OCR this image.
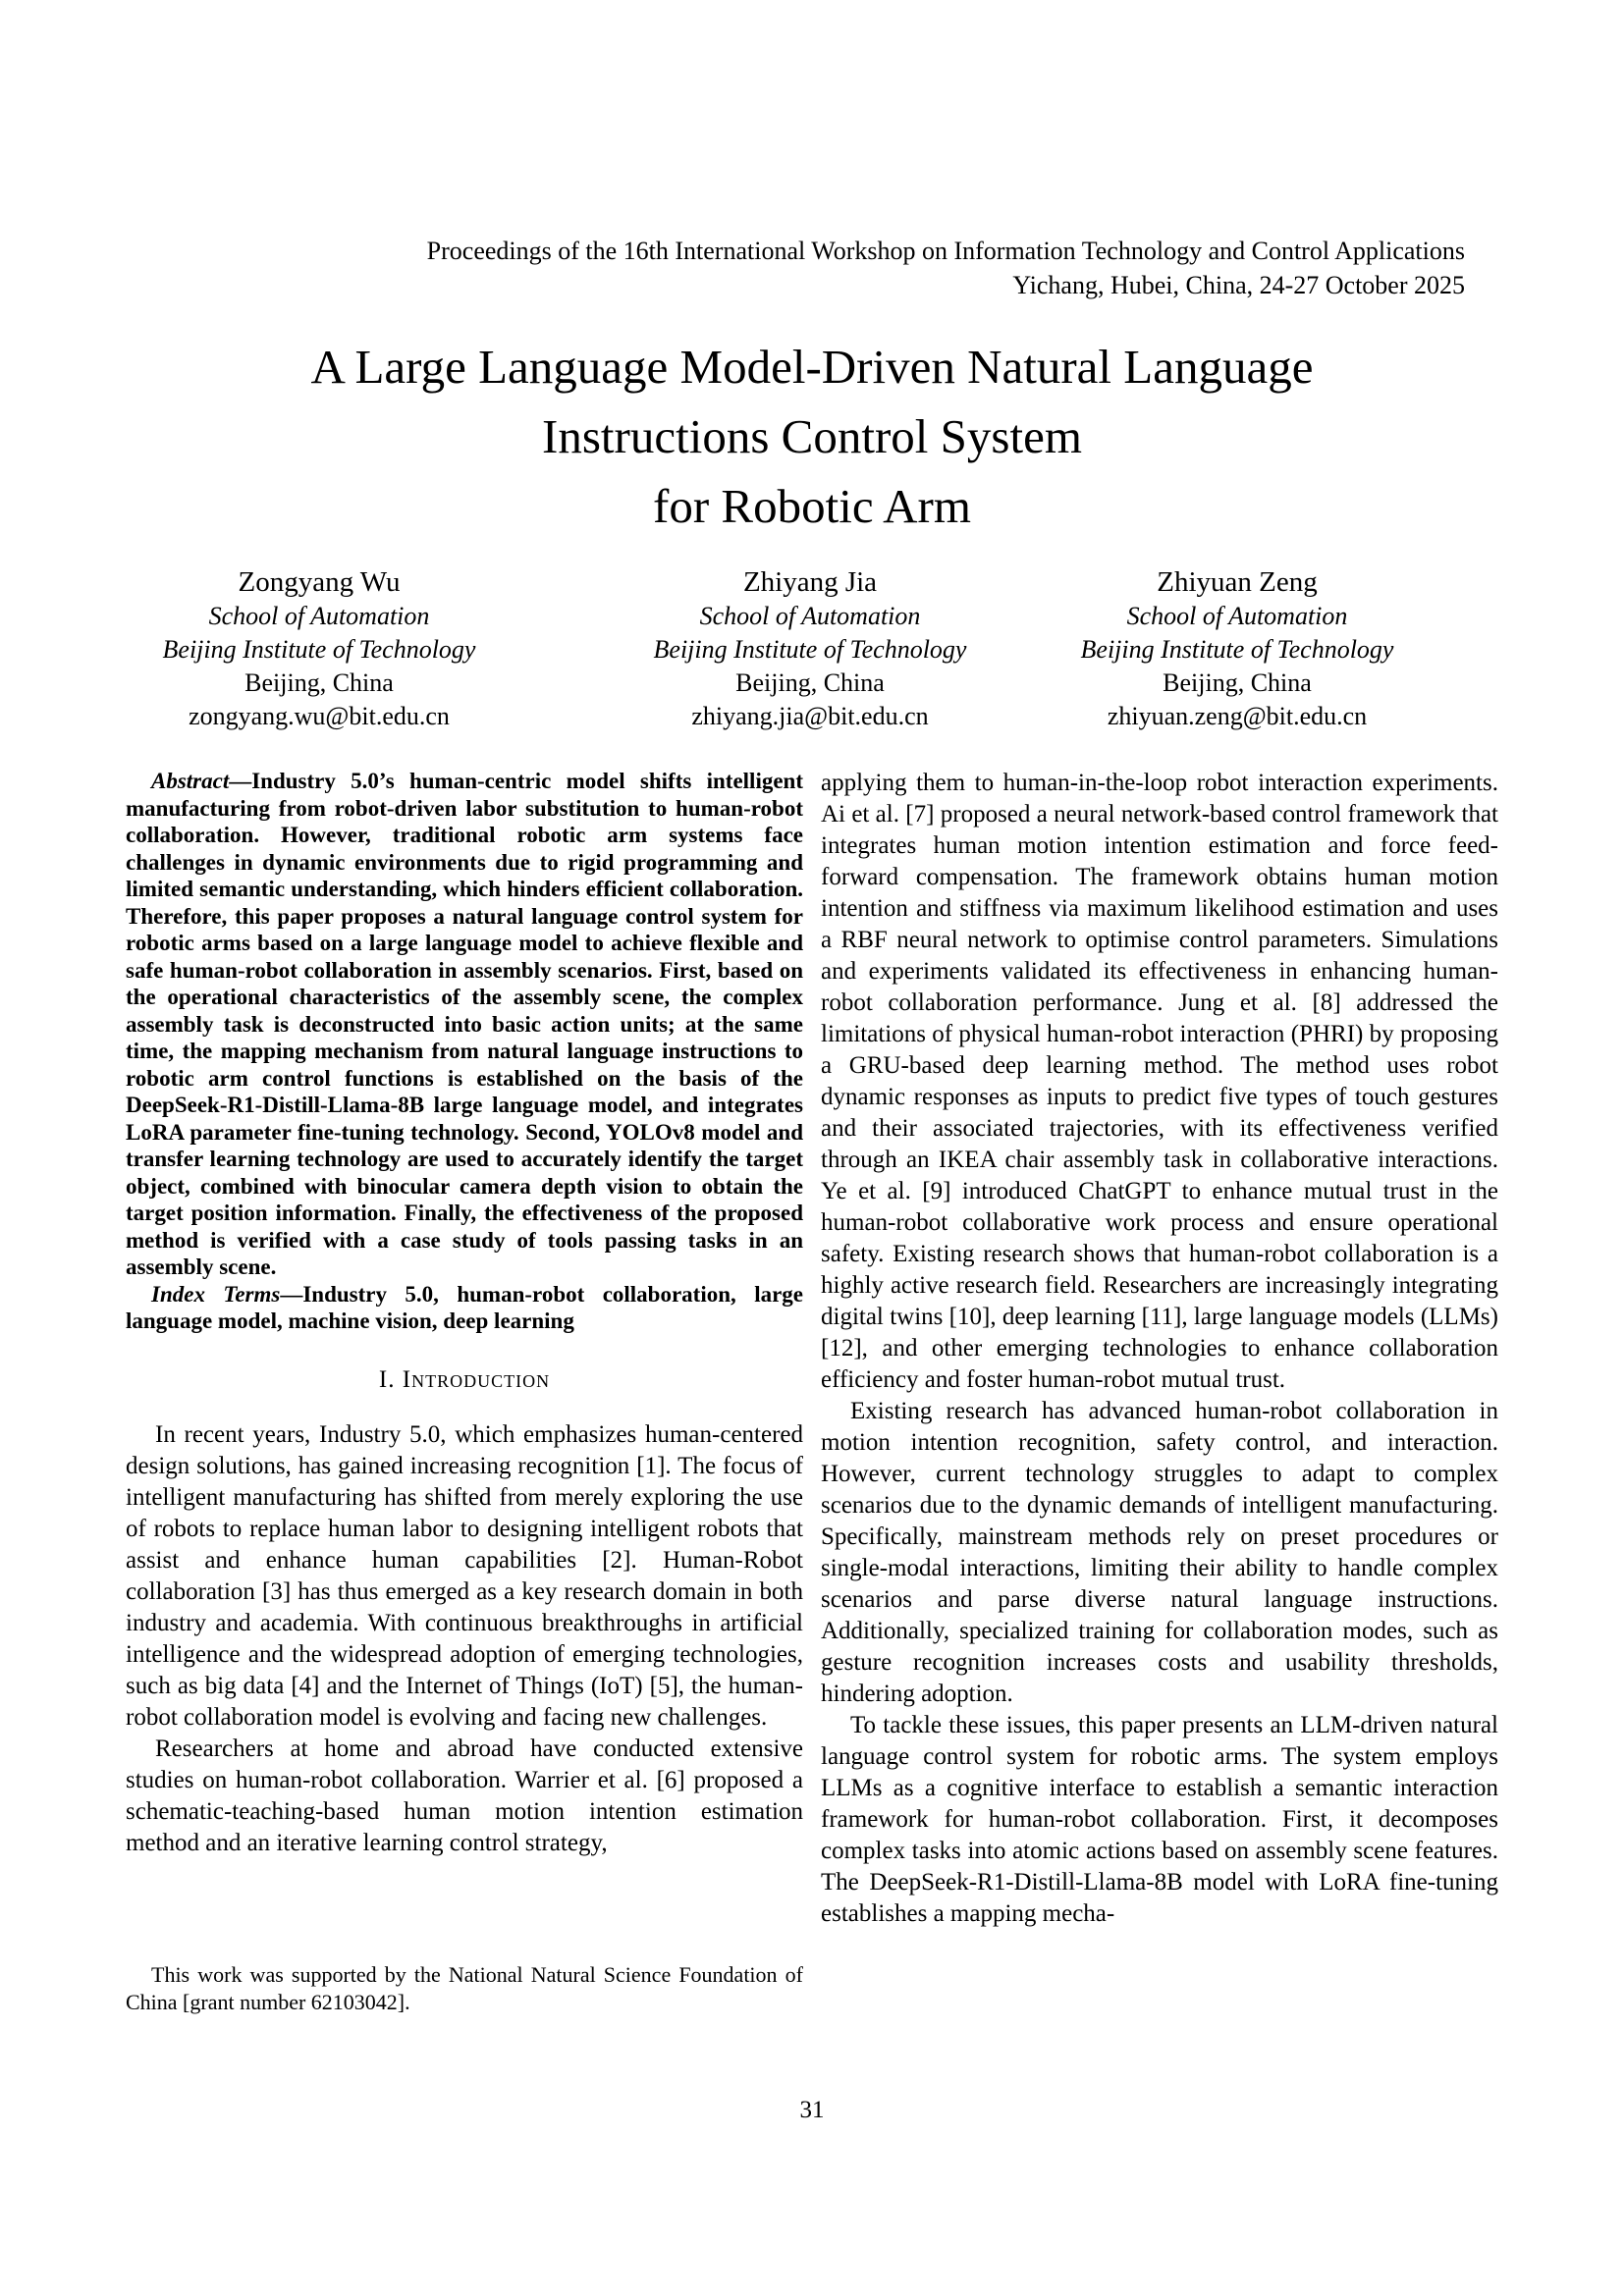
Proceedings of the 16th International Workshop on Information Technology and Control Applications
Yichang, Hubei, China, 24-27 October 2025
A Large Language Model-Driven Natural Language
Instructions Control System
for Robotic Arm
Zongyang Wu
School of Automation
Beijing Institute of Technology
Beijing, China
zongyang.wu@bit.edu.cn
Zhiyang Jia
School of Automation
Beijing Institute of Technology
Beijing, China
zhiyang.jia@bit.edu.cn
Zhiyuan Zeng
School of Automation
Beijing Institute of Technology
Beijing, China
zhiyuan.zeng@bit.edu.cn

Abstract—Industry 5.0’s human-centric model shifts intelligent manufacturing from robot-driven labor substitution to human-robot collaboration. However, traditional robotic arm systems face challenges in dynamic environments due to rigid programming and limited semantic understanding, which hinders efficient collaboration. Therefore, this paper proposes a natural language control system for robotic arms based on a large language model to achieve flexible and safe human-robot collaboration in assembly scenarios. First, based on the operational characteristics of the assembly scene, the complex assembly task is deconstructed into basic action units; at the same time, the mapping mechanism from natural language instructions to robotic arm control functions is established on the basis of the DeepSeek-R1-Distill-Llama-8B large language model, and integrates LoRA parameter fine-tuning technology. Second, YOLOv8 model and transfer learning technology are used to accurately identify the target object, combined with binocular camera depth vision to obtain the target position information. Finally, the effectiveness of the proposed method is verified with a case study of tools passing tasks in an assembly scene.

Index Terms—Industry 5.0, human-robot collaboration, large language model, machine vision, deep learning

I. Introduction

In recent years, Industry 5.0, which emphasizes human-centered design solutions, has gained increasing recognition [1]. The focus of intelligent manufacturing has shifted from merely exploring the use of robots to replace human labor to designing intelligent robots that assist and enhance human capabilities [2]. Human-Robot collaboration [3] has thus emerged as a key research domain in both industry and academia. With continuous breakthroughs in artificial intelligence and the widespread adoption of emerging technologies, such as big data [4] and the Internet of Things (IoT) [5], the human-robot collaboration model is evolving and facing new challenges.

Researchers at home and abroad have conducted extensive studies on human-robot collaboration. Warrier et al. [6] proposed a schematic-teaching-based human motion intention estimation method and an iterative learning control strategy,

applying them to human-in-the-loop robot interaction experiments. Ai et al. [7] proposed a neural network-based control framework that integrates human motion intention estimation and force feed-forward compensation. The framework obtains human motion intention and stiffness via maximum likelihood estimation and uses a RBF neural network to optimise control parameters. Simulations and experiments validated its effectiveness in enhancing human-robot collaboration performance. Jung et al. [8] addressed the limitations of physical human-robot interaction (PHRI) by proposing a GRU-based deep learning method. The method uses robot dynamic responses as inputs to predict five types of touch gestures and their associated trajectories, with its effectiveness verified through an IKEA chair assembly task in collaborative interactions. Ye et al. [9] introduced ChatGPT to enhance mutual trust in the human-robot collaborative work process and ensure operational safety. Existing research shows that human-robot collaboration is a highly active research field. Researchers are increasingly integrating digital twins [10], deep learning [11], large language models (LLMs) [12], and other emerging technologies to enhance collaboration efficiency and foster human-robot mutual trust.

Existing research has advanced human-robot collaboration in motion intention recognition, safety control, and interaction. However, current technology struggles to adapt to complex scenarios due to the dynamic demands of intelligent manufacturing. Specifically, mainstream methods rely on preset procedures or single-modal interactions, limiting their ability to handle complex scenarios and parse diverse natural language instructions. Additionally, specialized training for collaboration modes, such as gesture recognition increases costs and usability thresholds, hindering adoption.

To tackle these issues, this paper presents an LLM-driven natural language control system for robotic arms. The system employs LLMs as a cognitive interface to establish a semantic interaction framework for human-robot collaboration. First, it decomposes complex tasks into atomic actions based on assembly scene features. The DeepSeek-R1-Distill-Llama-8B model with LoRA fine-tuning establishes a mapping mecha-

This work was supported by the National Natural Science Foundation of China [grant number 62103042].
31
